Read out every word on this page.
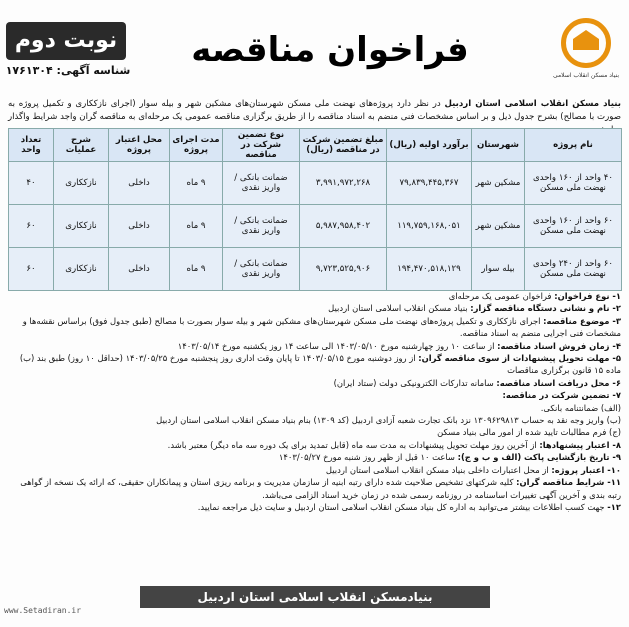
نوبت دوم
شناسه آگهی: ۱۷۶۱۳۰۴
فراخوان مناقصه
بنیاد مسکن انقلاب اسلامی
بنیاد مسکن انقلاب اسلامی استان اردبیل در نظر دارد پروژه‌های نهضت ملی مسکن شهرستان‌های مشکین شهر و بیله سوار (اجرای نازککاری و تکمیل پروژه به صورت با مصالح) بشرح جدول ذیل و بر اساس مشخصات فنی منضم به اسناد مناقصه را از طریق برگزاری مناقصه عمومی یک مرحله‌ای به مناقصه گران واجد شرایط واگذار
نام پروژه	شهرستان	برآورد اولیه (ریال)	مبلغ تضمین شرکت در مناقصه (ریال)	نوع تضمین شرکت در مناقصه	مدت اجرای پروژه	محل اعتبار پروژه	شرح عملیات	تعداد واحد
۴۰ واحد از ۱۶۰ واحدی نهضت ملی مسکن	مشکین شهر	۷۹,۸۳۹,۴۴۵,۳۶۷	۳,۹۹۱,۹۷۲,۲۶۸	ضمانت بانکی / واریز نقدی	۹ ماه	داخلی	نازککاری	۴۰
۶۰ واحد از ۱۶۰ واحدی نهضت ملی مسکن	مشکین شهر	۱۱۹,۷۵۹,۱۶۸,۰۵۱	۵,۹۸۷,۹۵۸,۴۰۲	ضمانت بانکی / واریز نقدی	۹ ماه	داخلی	نازککاری	۶۰
۶۰ واحد از ۲۴۰ واحدی نهضت ملی مسکن	بیله سوار	۱۹۴,۴۷۰,۵۱۸,۱۲۹	۹,۷۲۳,۵۲۵,۹۰۶	ضمانت بانکی / واریز نقدی	۹ ماه	داخلی	نازککاری	۶۰
۱- نوع فراخوان: فراخوان عمومی یک مرحله‌ای
۲- نام و نشانی دستگاه مناقصه گزار: بنیاد مسکن انقلاب اسلامی استان اردبیل
۳- موضوع مناقصه: اجرای نازککاری و تکمیل پروژه‌های نهضت ملی مسکن شهرستان‌های مشکین شهر و بیله سوار بصورت با مصالح (طبق جدول فوق) براساس نقشه‌ها و مشخصات فنی اجرایی منضم به اسناد مناقصه.
۴- زمان فروش اسناد مناقصه: از ساعت ۱۰ روز چهارشنبه مورخ ۱۴۰۳/۰۵/۱۰ الی ساعت ۱۴ روز یکشنبه مورخ ۱۴۰۳/۰۵/۱۴
۵- مهلت تحویل پیشنهادات از سوی مناقصه گران: از روز دوشنبه مورخ ۱۴۰۳/۰۵/۱۵ تا پایان وقت اداری روز پنجشنبه مورخ ۱۴۰۳/۰۵/۲۵ (حداقل ۱۰ روز) طبق بند (ب) ماده ۱۵ قانون برگزاری مناقصات
۶- محل دریافت اسناد مناقصه: سامانه تدارکات الکترونیکی دولت (ستاد ایران)
۷- تضمین شرکت در مناقصه:
(الف) ضمانتنامه بانکی.
(ب) واریز وجه نقد به حساب ۱۳۰۹۶۲۹۸۱۳ نزد بانک تجارت شعبه آزادی اردبیل (کد ۱۳۰۹) بنام بنیاد مسکن انقلاب اسلامی استان اردبیل
(ج) فرم مطالبات تایید شده از امور مالی بنیاد مسکن
۸- اعتبار پیشنهادها: از آخرین روز مهلت تحویل پیشنهادات به مدت سه ماه (قابل تمدید برای یک دوره سه ماه دیگر) معتبر باشد.
۹- تاریخ بازگشایی پاکت (الف و ب و ج): ساعت ۱۰ قبل از ظهر روز شنبه مورخ ۱۴۰۳/۰۵/۲۷
۱۰- اعتبار پروژه: از محل اعتبارات داخلی بنیاد مسکن انقلاب اسلامی استان اردبیل
۱۱- شرایط مناقصه گران: کلیه شرکتهای تشخیص صلاحیت شده دارای رتبه ابنیه از سازمان مدیریت و برنامه ریزی استان و پیمانکاران حقیقی، که ارائه یک نسخه از گواهی رتبه بندی و آخرین آگهی تغییرات اساسنامه در روزنامه رسمی شده در زمان خرید اسناد الزامی می‌باشد.
۱۲- جهت کسب اطلاعات بیشتر می‌توانید به اداره کل بنیاد مسکن انقلاب اسلامی استان اردبیل و سایت ذیل مراجعه نمایید.
بنیادمسکن انقلاب اسلامی استان اردبیل
www.Setadiran.ir
